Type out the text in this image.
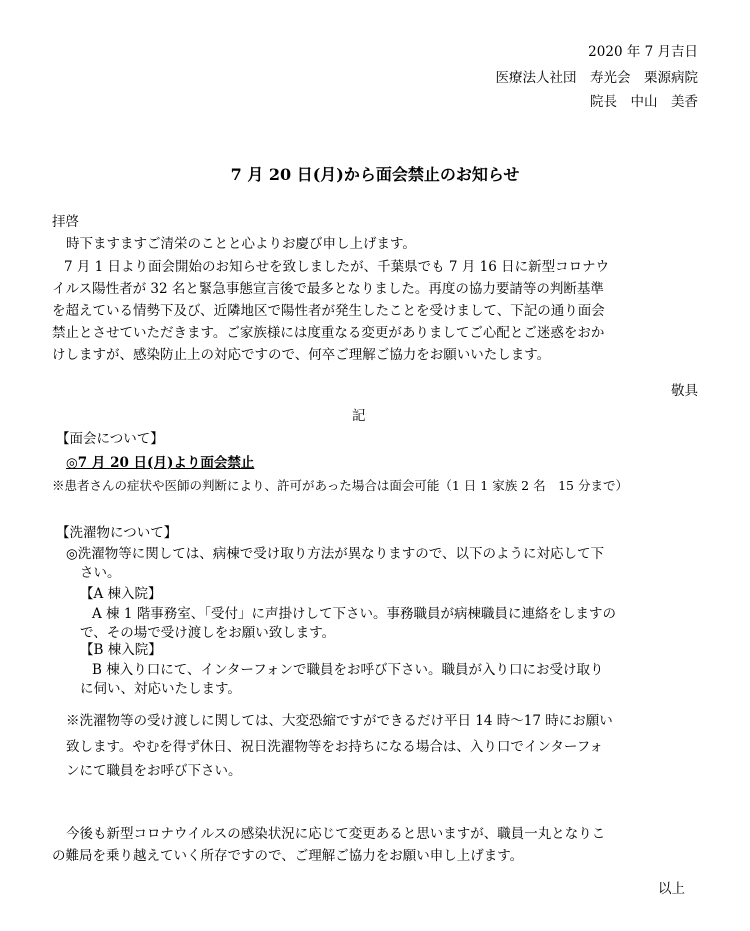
2020 年 7 月吉日
医療法人社団　寿光会　栗源病院
院長　中山　美香
7 月 20 日(月)から面会禁止のお知らせ
拝啓
時下ますますご清栄のことと心よりお慶び申し上げます。
7 月 1 日より面会開始のお知らせを致しましたが、千葉県でも 7 月 16 日に新型コロナウ
イルス陽性者が 32 名と緊急事態宣言後で最多となりました。再度の協力要請等の判断基準
を超えている情勢下及び、近隣地区で陽性者が発生したことを受けまして、下記の通り面会
禁止とさせていただきます。ご家族様には度重なる変更がありましてご心配とご迷惑をおか
けしますが、感染防止上の対応ですので、何卒ご理解ご協力をお願いいたします。
敬具
記
【面会について】
◎7 月 20 日(月)より面会禁止
※患者さんの症状や医師の判断により、許可があった場合は面会可能（1 日 1 家族 2 名　15 分まで）
【洗濯物について】
◎洗濯物等に関しては、病棟で受け取り方法が異なりますので、以下のように対応して下
さい。
【A 棟入院】
A 棟 1 階事務室、「受付」に声掛けして下さい。事務職員が病棟職員に連絡をしますの
で、その場で受け渡しをお願い致します。
【B 棟入院】
B 棟入り口にて、インターフォンで職員をお呼び下さい。職員が入り口にお受け取り
に伺い、対応いたします。
※洗濯物等の受け渡しに関しては、大変恐縮ですができるだけ平日 14 時～17 時にお願い
致します。やむを得ず休日、祝日洗濯物等をお持ちになる場合は、入り口でインターフォ
ンにて職員をお呼び下さい。
今後も新型コロナウイルスの感染状況に応じて変更あると思いますが、職員一丸となりこ
の難局を乗り越えていく所存ですので、ご理解ご協力をお願い申し上げます。
以上
